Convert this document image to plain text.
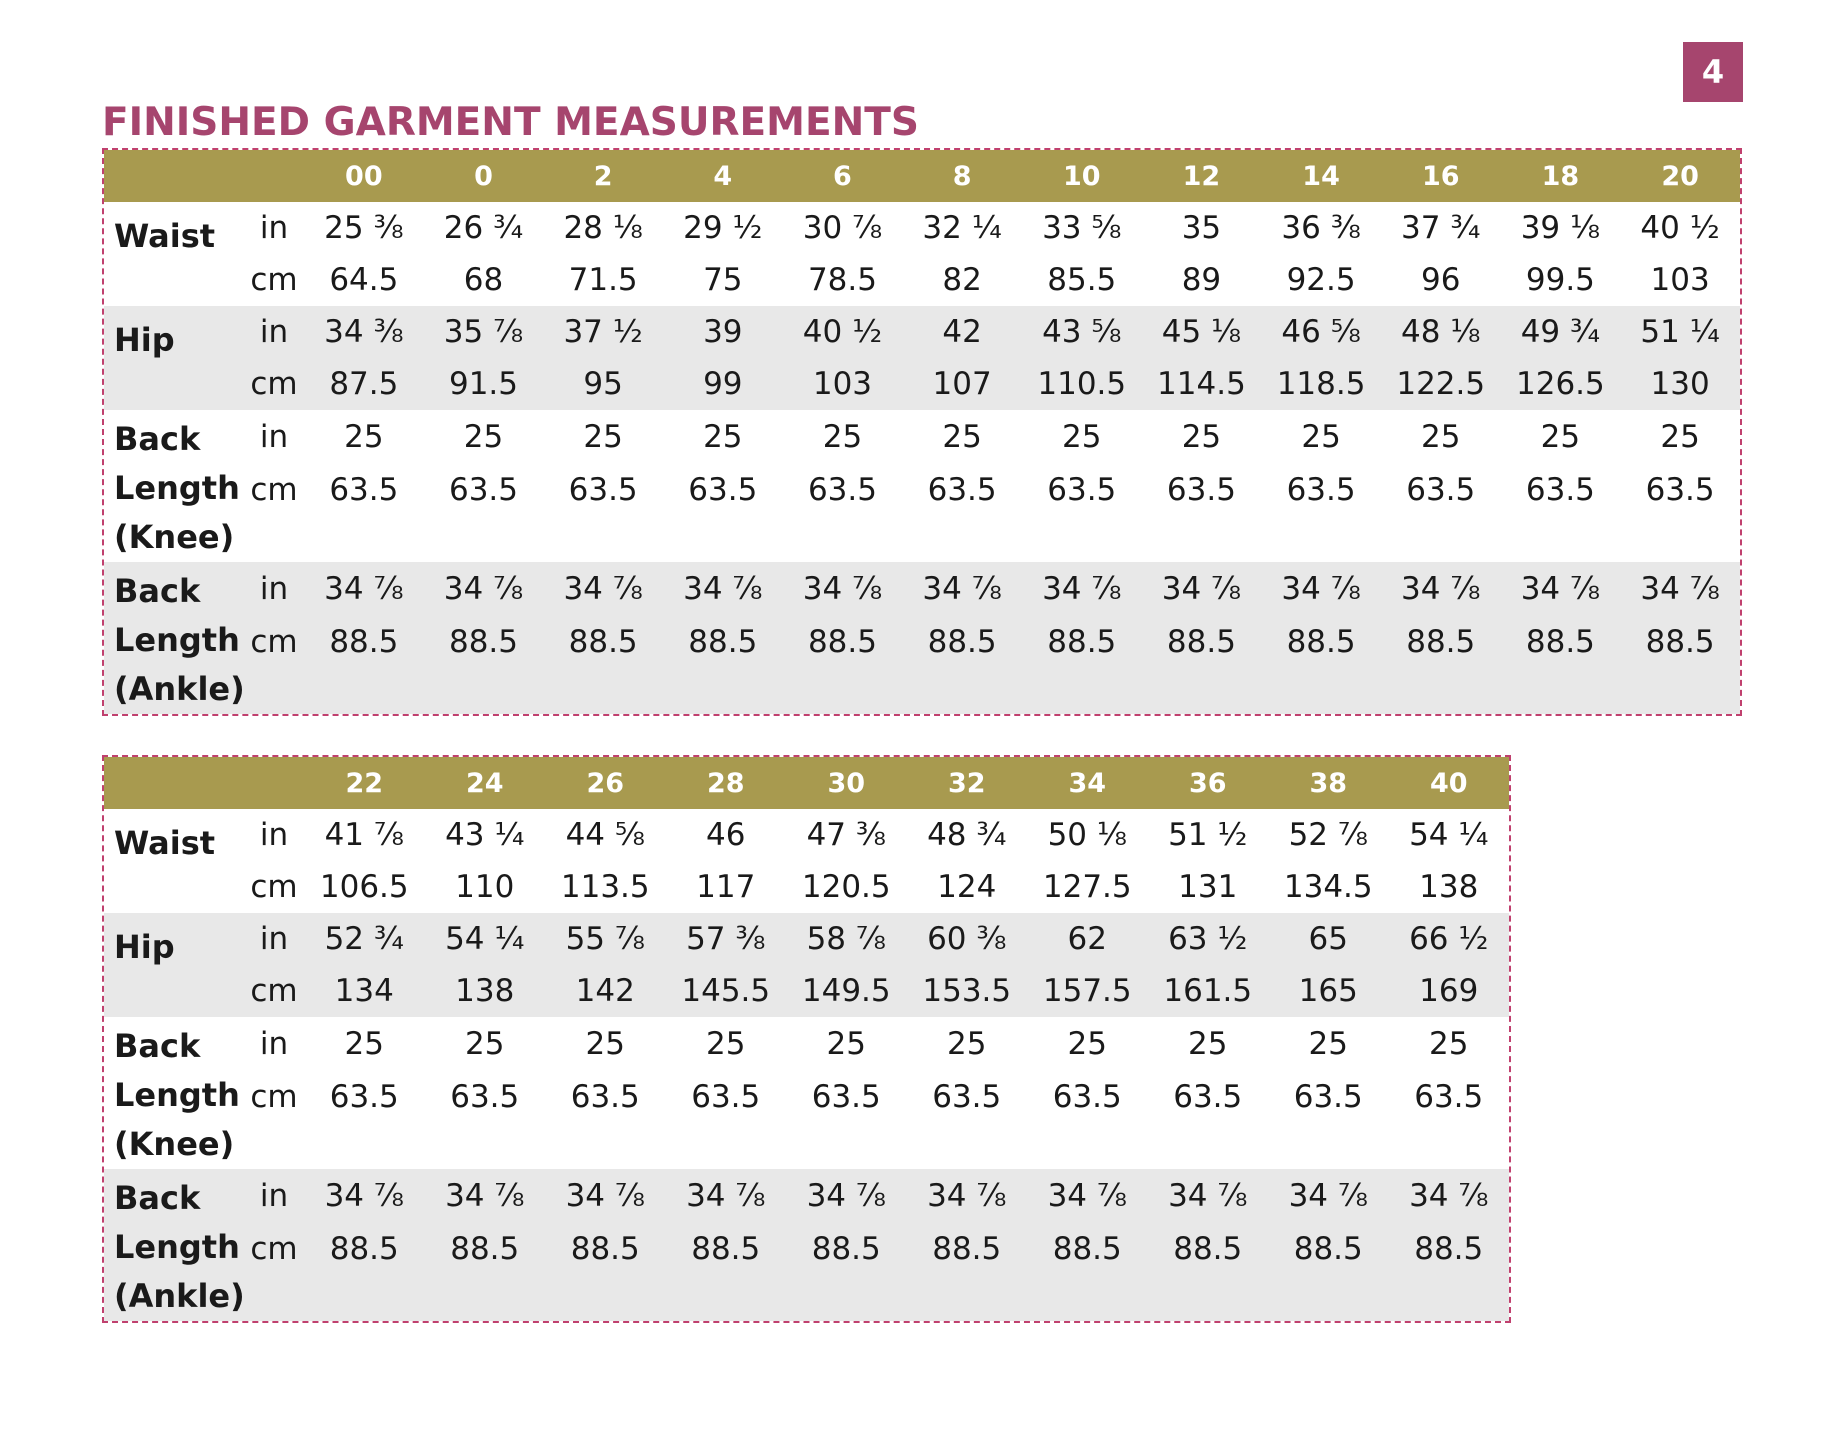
4
FINISHED GARMENT MEASUREMENTS
		00	0	2	4	6	8	10	12	14	16	18	20

Waist	in	25 ⅜	26 ¾	28 ⅛	29 ½	30 ⅞	32 ¼	33 ⅝	35	36 ⅜	37 ¾	39 ⅛	40 ½
	cm	64.5	68	71.5	75	78.5	82	85.5	89	92.5	96	99.5	103

Hip	in	34 ⅜	35 ⅞	37 ½	39	40 ½	42	43 ⅝	45 ⅛	46 ⅝	48 ⅛	49 ¾	51 ¼
	cm	87.5	91.5	95	99	103	107	110.5	114.5	118.5	122.5	126.5	130

Back
Length
(Knee)	in	25	25	25	25	25	25	25	25	25	25	25	25
	cm	63.5	63.5	63.5	63.5	63.5	63.5	63.5	63.5	63.5	63.5	63.5	63.5

Back
Length
(Ankle)	in	34 ⅞	34 ⅞	34 ⅞	34 ⅞	34 ⅞	34 ⅞	34 ⅞	34 ⅞	34 ⅞	34 ⅞	34 ⅞	34 ⅞
	cm	88.5	88.5	88.5	88.5	88.5	88.5	88.5	88.5	88.5	88.5	88.5	88.5

		22	24	26	28	30	32	34	36	38	40

Waist	in	41 ⅞	43 ¼	44 ⅝	46	47 ⅜	48 ¾	50 ⅛	51 ½	52 ⅞	54 ¼
	cm	106.5	110	113.5	117	120.5	124	127.5	131	134.5	138

Hip	in	52 ¾	54 ¼	55 ⅞	57 ⅜	58 ⅞	60 ⅜	62	63 ½	65	66 ½
	cm	134	138	142	145.5	149.5	153.5	157.5	161.5	165	169

Back
Length
(Knee)	in	25	25	25	25	25	25	25	25	25	25
	cm	63.5	63.5	63.5	63.5	63.5	63.5	63.5	63.5	63.5	63.5

Back
Length
(Ankle)	in	34 ⅞	34 ⅞	34 ⅞	34 ⅞	34 ⅞	34 ⅞	34 ⅞	34 ⅞	34 ⅞	34 ⅞
	cm	88.5	88.5	88.5	88.5	88.5	88.5	88.5	88.5	88.5	88.5
